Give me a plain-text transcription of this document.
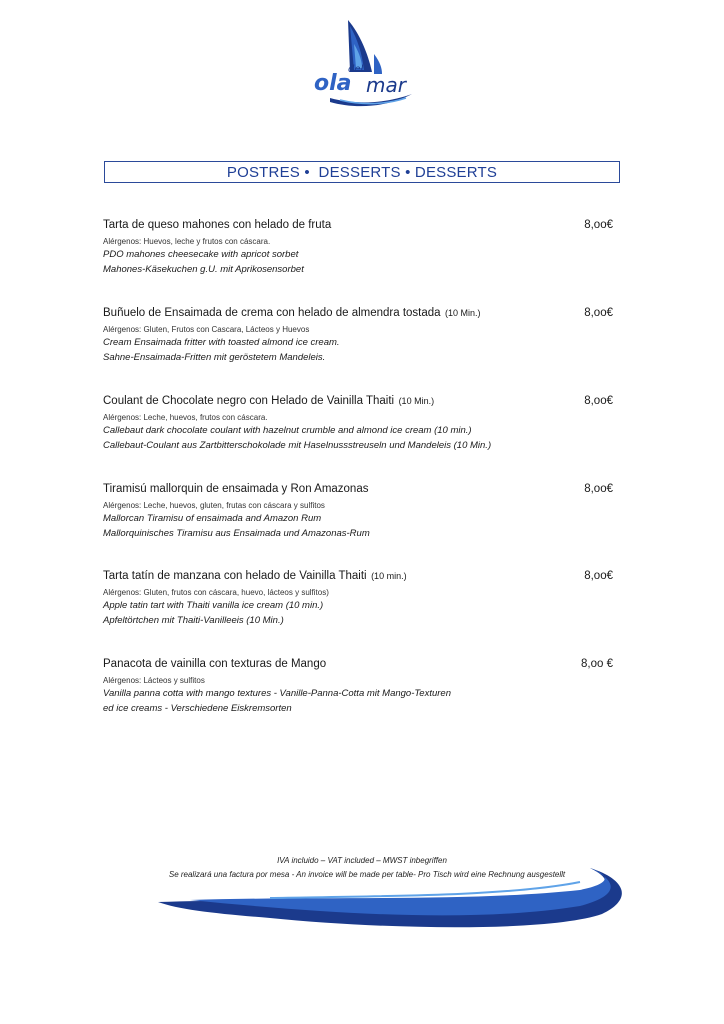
ola
del
mar
POSTRES •  DESSERTS • DESSERTS
Tarta de queso mahones con helado de fruta	8,oo€
Alérgenos: Huevos, leche y frutos con cáscara.
PDO mahones cheesecake with apricot sorbet
Mahones-Käsekuchen g.U. mit Aprikosensorbet
Buñuelo de Ensaimada de crema con helado de almendra tostada (10 Min.)	8,oo€
Alérgenos: Gluten, Frutos con Cascara, Lácteos y Huevos
Cream Ensaimada fritter with toasted almond ice cream.
Sahne-Ensaimada-Fritten mit geröstetem Mandeleis.
Coulant de Chocolate negro con Helado de Vainilla Thaiti (10 Min.)	8,oo€
Alérgenos: Leche, huevos, frutos con cáscara.
Callebaut dark chocolate coulant with hazelnut crumble and almond ice cream (10 min.)
Callebaut-Coulant aus Zartbitterschokolade mit Haselnussstreuseln und Mandeleis (10 Min.)
Tiramisú mallorquin de ensaimada y Ron Amazonas	8,oo€
Alérgenos: Leche, huevos, gluten, frutas con cáscara y sulfitos
Mallorcan Tiramisu of ensaimada and Amazon Rum
Mallorquinisches Tiramisu aus Ensaimada und Amazonas-Rum
Tarta tatín de manzana con helado de Vainilla Thaiti (10 min.)	8,oo€
Alérgenos: Gluten, frutos con cáscara, huevo, lácteos y sulfitos)
Apple tatin tart with Thaiti vanilla ice cream (10 min.)
Apfeltörtchen mit Thaiti-Vanilleeis (10 Min.)
Panacota de vainilla con texturas de Mango	8,oo €
Alérgenos: Lácteos y sulfitos
Vanilla panna cotta with mango textures - Vanille-Panna-Cotta mit Mango-Texturen
ed ice creams - Verschiedene Eiskremsorten
IVA incluido – VAT included – MWST inbegriffen
Se realizará una factura por mesa - An invoice will be made per table- Pro Tisch wird eine Rechnung ausgestellt
